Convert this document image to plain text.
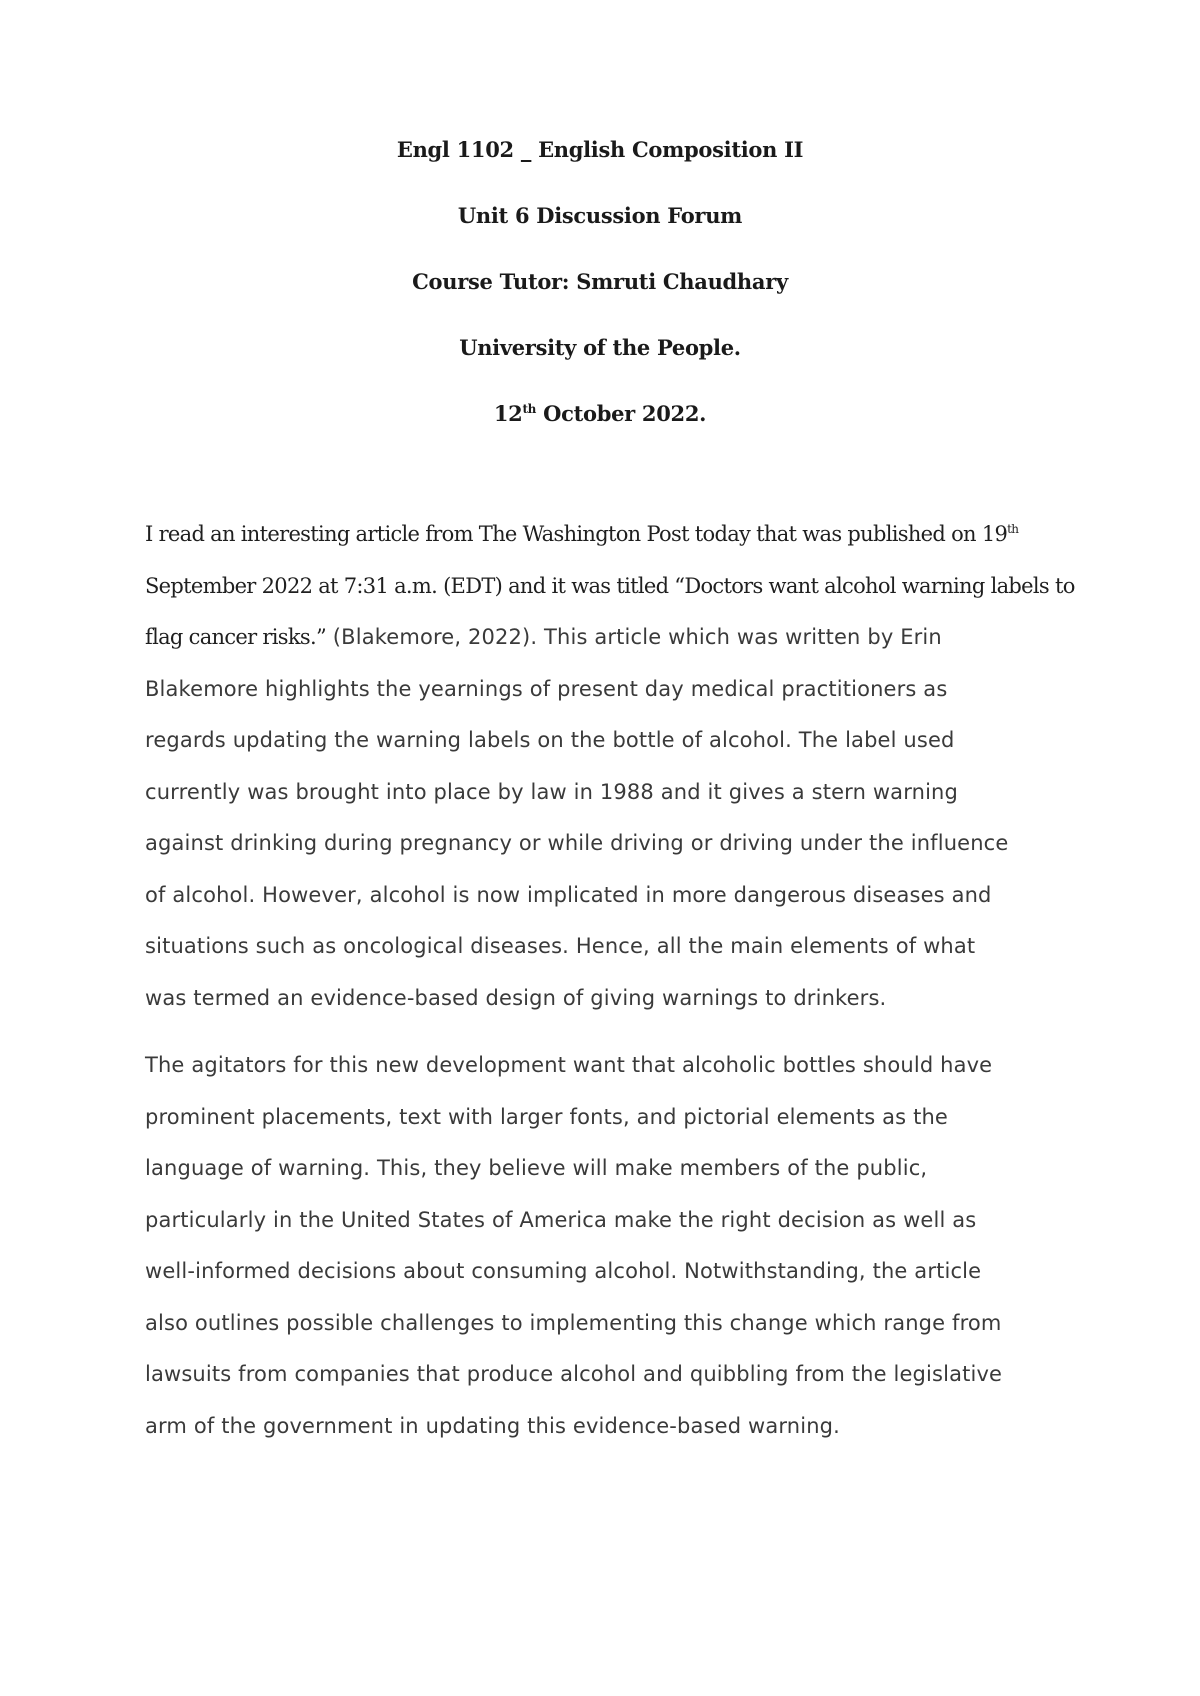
Engl 1102 _ English Composition II
Unit 6 Discussion Forum
Course Tutor: Smruti Chaudhary
University of the People.
12th October 2022.
I read an interesting article from The Washington Post today that was published on 19th
September 2022 at 7:31 a.m. (EDT) and it was titled “Doctors want alcohol warning labels to
flag cancer risks.” (Blakemore, 2022). This article which was written by Erin
Blakemore highlights the yearnings of present day medical practitioners as
regards updating the warning labels on the bottle of alcohol. The label used
currently was brought into place by law in 1988 and it gives a stern warning
against drinking during pregnancy or while driving or driving under the influence
of alcohol. However, alcohol is now implicated in more dangerous diseases and
situations such as oncological diseases. Hence, all the main elements of what
was termed an evidence-based design of giving warnings to drinkers.
The agitators for this new development want that alcoholic bottles should have
prominent placements, text with larger fonts, and pictorial elements as the
language of warning. This, they believe will make members of the public,
particularly in the United States of America make the right decision as well as
well-informed decisions about consuming alcohol. Notwithstanding, the article
also outlines possible challenges to implementing this change which range from
lawsuits from companies that produce alcohol and quibbling from the legislative
arm of the government in updating this evidence-based warning.
